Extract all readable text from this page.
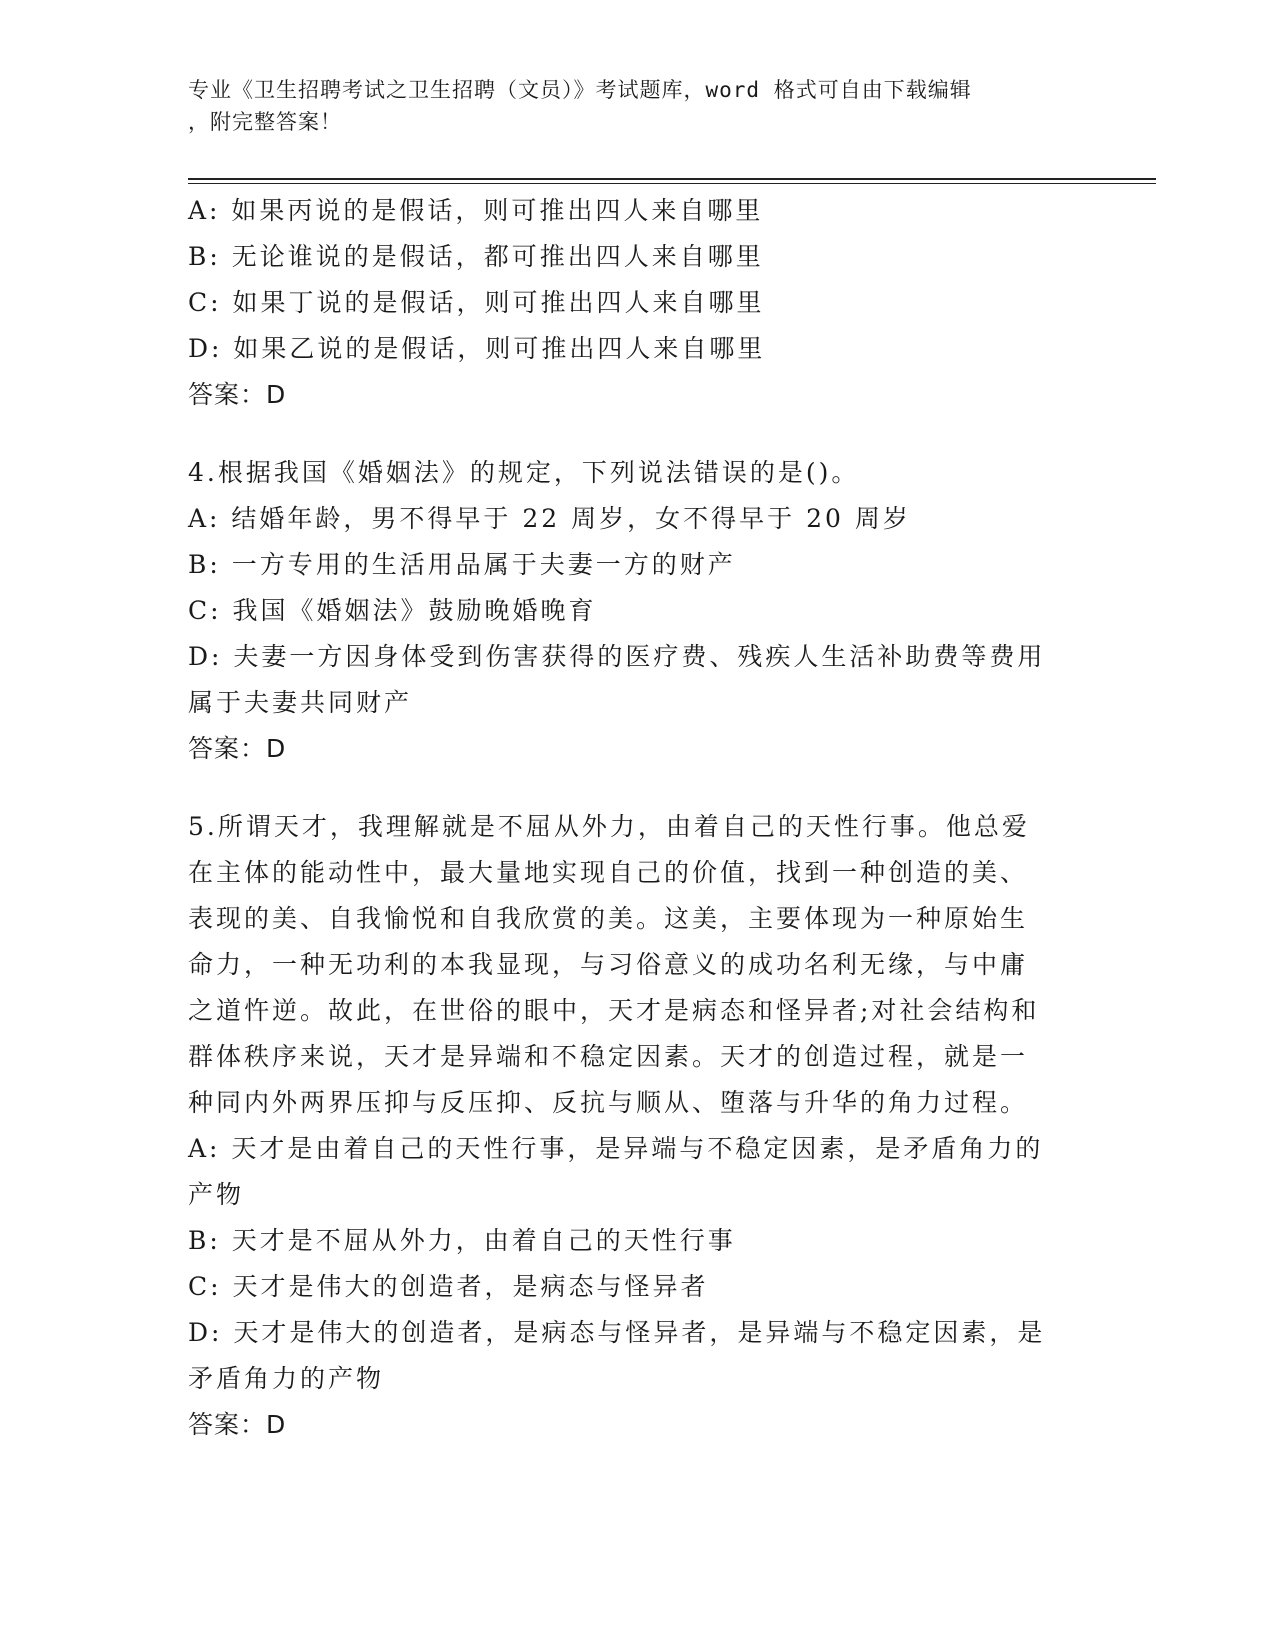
专业《卫生招聘考试之卫生招聘（文员）》考试题库，word 格式可自由下载编辑
，附完整答案！
A: 如果丙说的是假话，则可推出四人来自哪里
B: 无论谁说的是假话，都可推出四人来自哪里
C: 如果丁说的是假话，则可推出四人来自哪里
D: 如果乙说的是假话，则可推出四人来自哪里
答案：D
4.根据我国《婚姻法》的规定，下列说法错误的是()。
A: 结婚年龄，男不得早于 22 周岁，女不得早于 20 周岁
B: 一方专用的生活用品属于夫妻一方的财产
C: 我国《婚姻法》鼓励晚婚晚育
D: 夫妻一方因身体受到伤害获得的医疗费、残疾人生活补助费等费用
属于夫妻共同财产
答案：D
5.所谓天才，我理解就是不屈从外力，由着自己的天性行事。他总爱
在主体的能动性中，最大量地实现自己的价值，找到一种创造的美、
表现的美、自我愉悦和自我欣赏的美。这美，主要体现为一种原始生
命力，一种无功利的本我显现，与习俗意义的成功名利无缘，与中庸
之道忤逆。故此，在世俗的眼中，天才是病态和怪异者;对社会结构和
群体秩序来说，天才是异端和不稳定因素。天才的创造过程，就是一
种同内外两界压抑与反压抑、反抗与顺从、堕落与升华的角力过程。
A: 天才是由着自己的天性行事，是异端与不稳定因素，是矛盾角力的
产物
B: 天才是不屈从外力，由着自己的天性行事
C: 天才是伟大的创造者，是病态与怪异者
D: 天才是伟大的创造者，是病态与怪异者，是异端与不稳定因素，是
矛盾角力的产物
答案：D
